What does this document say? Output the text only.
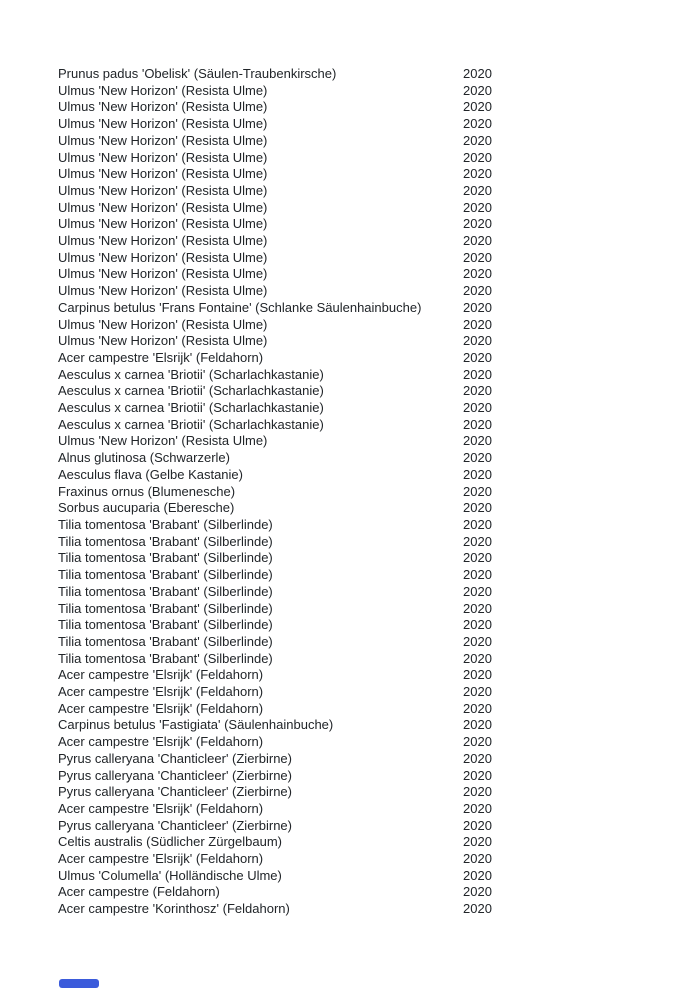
Prunus padus 'Obelisk' (Säulen-Traubenkirsche)	2020
Ulmus 'New Horizon' (Resista Ulme)	2020
Ulmus 'New Horizon' (Resista Ulme)	2020
Ulmus 'New Horizon' (Resista Ulme)	2020
Ulmus 'New Horizon' (Resista Ulme)	2020
Ulmus 'New Horizon' (Resista Ulme)	2020
Ulmus 'New Horizon' (Resista Ulme)	2020
Ulmus 'New Horizon' (Resista Ulme)	2020
Ulmus 'New Horizon' (Resista Ulme)	2020
Ulmus 'New Horizon' (Resista Ulme)	2020
Ulmus 'New Horizon' (Resista Ulme)	2020
Ulmus 'New Horizon' (Resista Ulme)	2020
Ulmus 'New Horizon' (Resista Ulme)	2020
Ulmus 'New Horizon' (Resista Ulme)	2020
Carpinus betulus 'Frans Fontaine' (Schlanke Säulenhainbuche)	2020
Ulmus 'New Horizon' (Resista Ulme)	2020
Ulmus 'New Horizon' (Resista Ulme)	2020
Acer campestre 'Elsrijk' (Feldahorn)	2020
Aesculus x carnea 'Briotii' (Scharlachkastanie)	2020
Aesculus x carnea 'Briotii' (Scharlachkastanie)	2020
Aesculus x carnea 'Briotii' (Scharlachkastanie)	2020
Aesculus x carnea 'Briotii' (Scharlachkastanie)	2020
Ulmus 'New Horizon' (Resista Ulme)	2020
Alnus glutinosa (Schwarzerle)	2020
Aesculus flava (Gelbe Kastanie)	2020
Fraxinus ornus (Blumenesche)	2020
Sorbus aucuparia (Eberesche)	2020
Tilia tomentosa 'Brabant' (Silberlinde)	2020
Tilia tomentosa 'Brabant' (Silberlinde)	2020
Tilia tomentosa 'Brabant' (Silberlinde)	2020
Tilia tomentosa 'Brabant' (Silberlinde)	2020
Tilia tomentosa 'Brabant' (Silberlinde)	2020
Tilia tomentosa 'Brabant' (Silberlinde)	2020
Tilia tomentosa 'Brabant' (Silberlinde)	2020
Tilia tomentosa 'Brabant' (Silberlinde)	2020
Tilia tomentosa 'Brabant' (Silberlinde)	2020
Acer campestre 'Elsrijk' (Feldahorn)	2020
Acer campestre 'Elsrijk' (Feldahorn)	2020
Acer campestre 'Elsrijk' (Feldahorn)	2020
Carpinus betulus 'Fastigiata' (Säulenhainbuche)	2020
Acer campestre 'Elsrijk' (Feldahorn)	2020
Pyrus calleryana 'Chanticleer' (Zierbirne)	2020
Pyrus calleryana 'Chanticleer' (Zierbirne)	2020
Pyrus calleryana 'Chanticleer' (Zierbirne)	2020
Acer campestre 'Elsrijk' (Feldahorn)	2020
Pyrus calleryana 'Chanticleer' (Zierbirne)	2020
Celtis australis (Südlicher Zürgelbaum)	2020
Acer campestre 'Elsrijk' (Feldahorn)	2020
Ulmus 'Columella' (Holländische Ulme)	2020
Acer campestre (Feldahorn)	2020
Acer campestre 'Korinthosz' (Feldahorn)	2020
